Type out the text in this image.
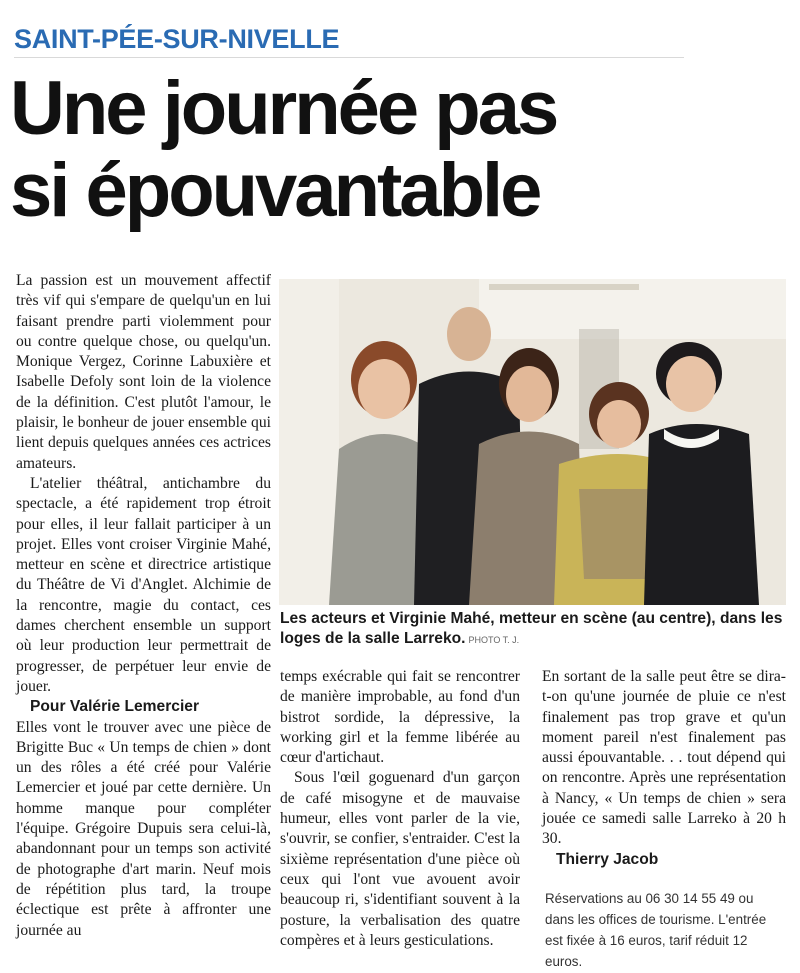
SAINT-PÉE-SUR-NIVELLE
Une journée pas
si épouvantable

La passion est un mouvement affectif très vif qui s'empare de quelqu'un en lui faisant prendre parti violemment pour ou contre quelque chose, ou quelqu'un. Monique Vergez, Corinne Labuxière et Isabelle Defoly sont loin de la violence de la définition. C'est plutôt l'amour, le plaisir, le bonheur de jouer ensemble qui lient depuis quelques années ces actrices amateurs.

L'atelier théâtral, antichambre du spectacle, a été rapidement trop étroit pour elles, il leur fallait participer à un projet. Elles vont croiser Virginie Mahé, metteur en scène et directrice artistique du Théâtre de Vi d'Anglet. Alchimie de la rencontre, magie du contact, ces dames cherchent ensemble un support où leur production leur permettrait de progresser, de perpétuer leur envie de jouer.

Pour Valérie Lemercier

Elles vont le trouver avec une pièce de Brigitte Buc « Un temps de chien » dont un des rôles a été créé pour Valérie Lemercier et joué par cette dernière. Un homme manque pour compléter l'équipe. Grégoire Dupuis sera celui-là, abandonnant pour un temps son activité de photographe d'art marin. Neuf mois de répétition plus tard, la troupe éclectique est prête à affronter une journée au

Les acteurs et Virginie Mahé, metteur en scène (au centre), dans les loges de la salle Larreko. PHOTO T. J.

temps exécrable qui fait se rencontrer de manière improbable, au fond d'un bistrot sordide, la dépressive, la working girl et la femme libérée au cœur d'artichaut.

Sous l'œil goguenard d'un garçon de café misogyne et de mauvaise humeur, elles vont parler de la vie, s'ouvrir, se confier, s'entraider. C'est la sixième représentation d'une pièce où ceux qui l'ont vue avouent avoir beaucoup ri, s'identifiant souvent à la posture, la verbalisation des quatre compères et à leurs gesticulations.

En sortant de la salle peut être se dira-t-on qu'une journée de pluie ce n'est finalement pas trop grave et qu'un moment pareil n'est finalement pas aussi épouvantable. . . tout dépend qui on rencontre. Après une représentation à Nancy, « Un temps de chien » sera jouée ce samedi salle Larreko à 20 h 30.

Thierry Jacob

Réservations au 06 30 14 55 49 ou dans les offices de tourisme. L'entrée est fixée à 16 euros, tarif réduit 12 euros.
